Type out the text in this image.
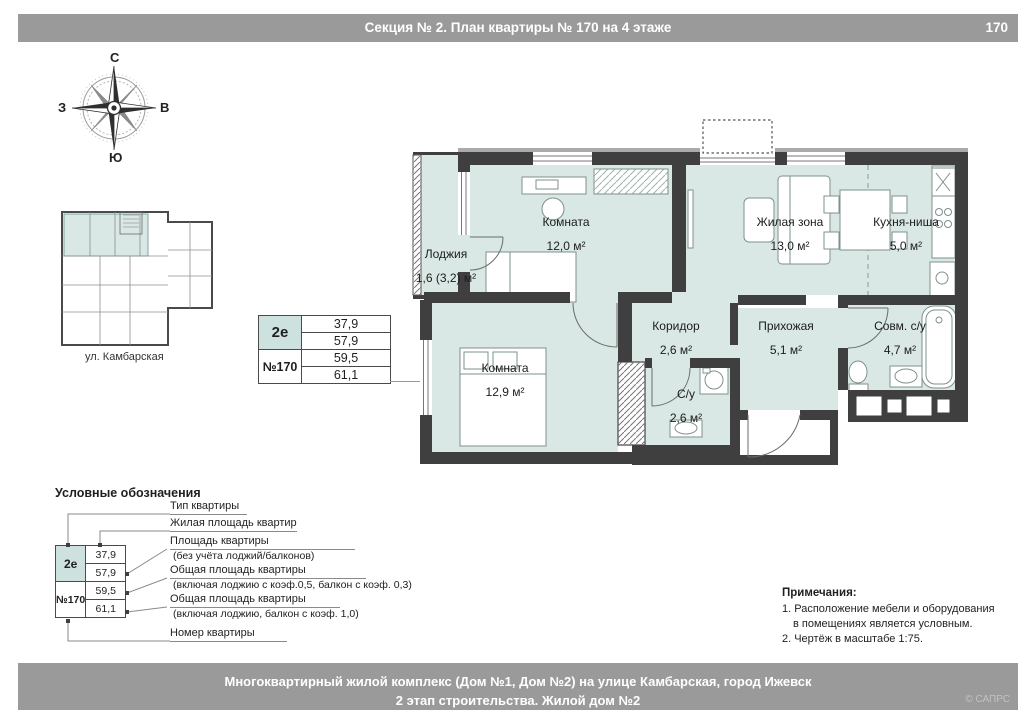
Секция № 2. План квартиры № 170 на 4 этаже	170
С
В
З
Ю
ул. Камбарская
2е	37,9
	57,9
№170	59,5
	61,1
Лоджия
1,6 (3,2) м²
Комната
12,0 м²
Жилая зона
13,0 м²
Кухня-ниша
5,0 м²
Коридор
2,6 м²
Прихожая
5,1 м²
Совм. с/у
4,7 м²
Комната
12,9 м²	С/у
2,6 м²
Условные обозначения
2е	37,9
	57,9
№170	59,5
	61,1
Тип квартиры
Жилая площадь квартир
Площадь квартиры
(без учёта лоджий/балконов)
Общая площадь квартиры
(включая лоджию с коэф.0,5, балкон с коэф. 0,3)
Общая площадь квартиры
(включая лоджию, балкон с коэф. 1,0)
Номер квартиры
Примечания:
1. Расположение мебели и оборудования
в помещениях является условным.
2. Чертёж в масштабе 1:75.
Многоквартирный жилой комплекс (Дом №1, Дом №2) на улице Камбарская, город Ижевск
2 этап строительства. Жилой дом №2	© САПРС
